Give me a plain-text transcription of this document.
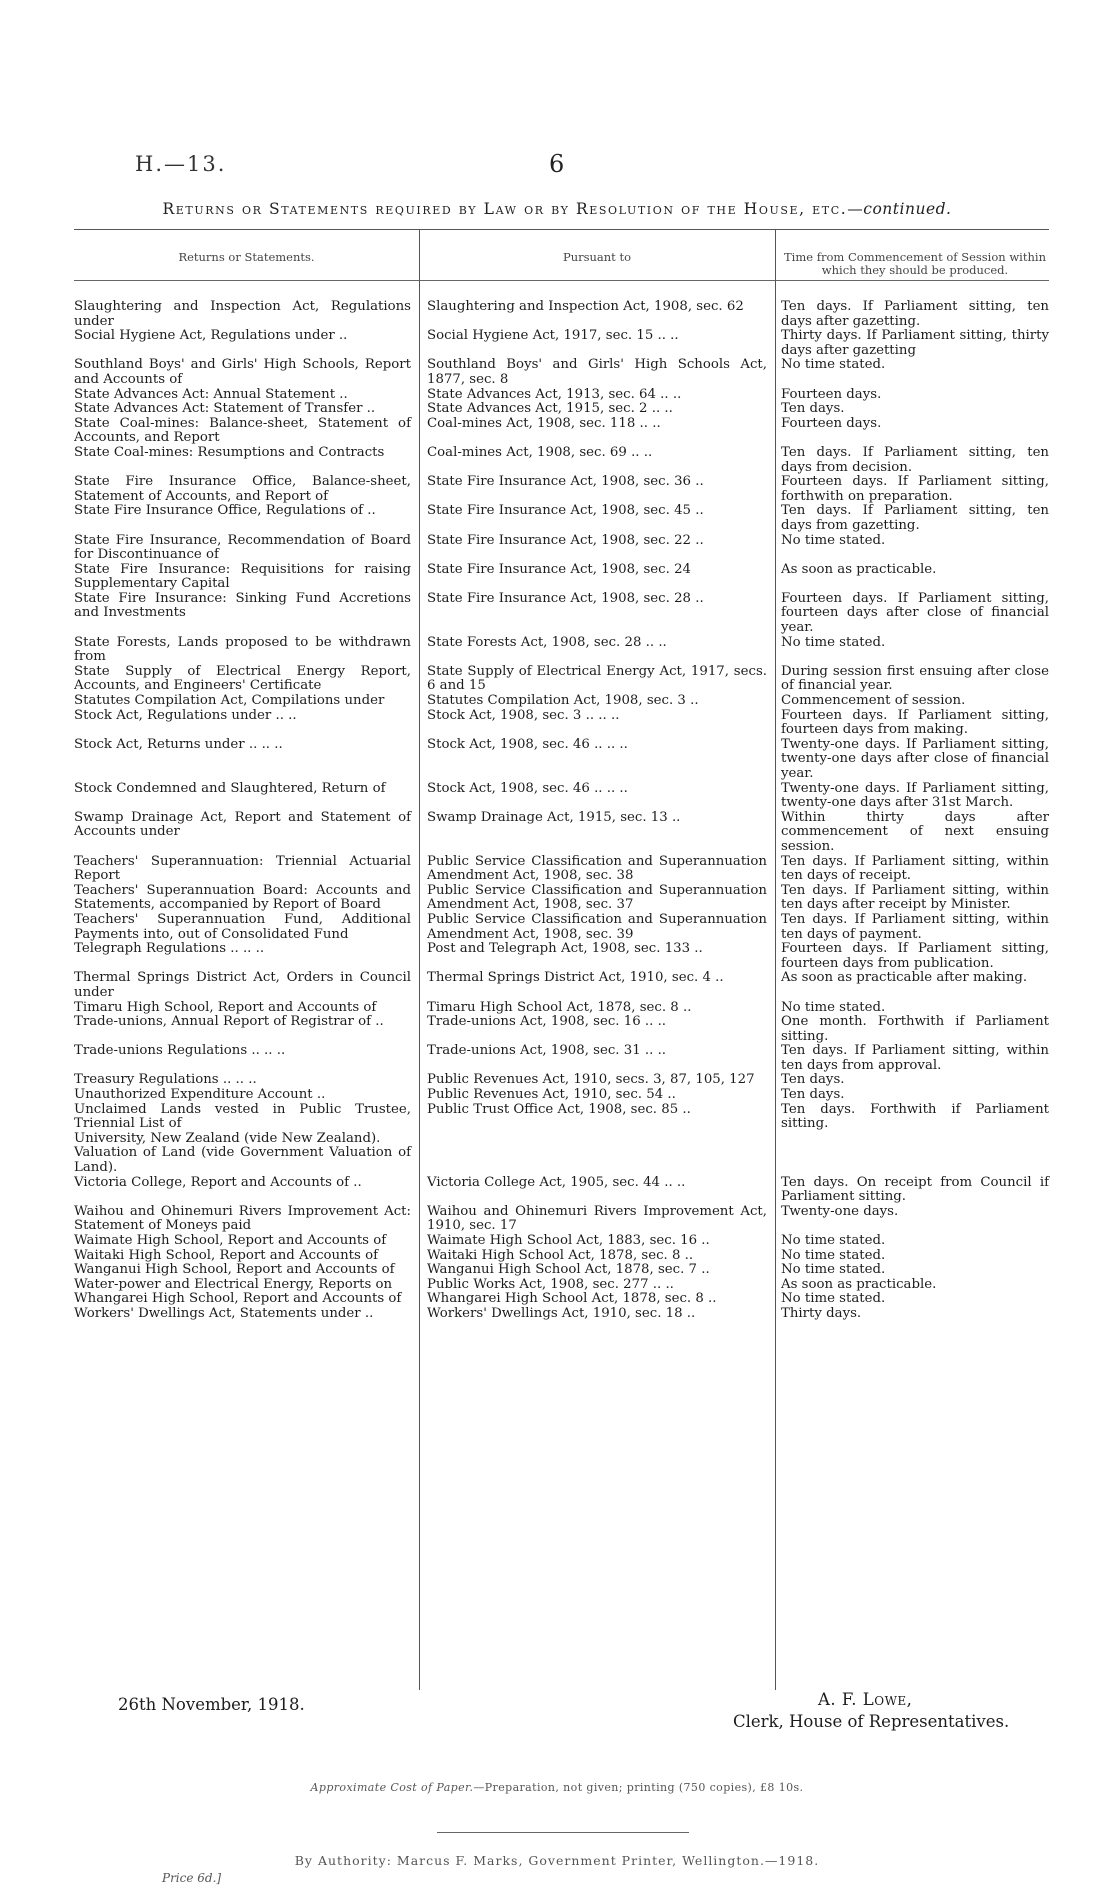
H.—13.	6
Returns or Statements required by Law or by Resolution of the House, etc.—continued.
Returns or Statements.	Pursuant to	Time from Commencement of Session within which they should be produced.
Slaughtering and Inspection Act, Regulations under	Slaughtering and Inspection Act, 1908, sec. 62	Ten days. If Parliament sitting, ten days after gazetting.
Social Hygiene Act, Regulations under ..	Social Hygiene Act, 1917, sec. 15 .. ..	Thirty days. If Parliament sitting, thirty days after gazetting
Southland Boys' and Girls' High Schools, Report and Accounts of	Southland Boys' and Girls' High Schools Act, 1877, sec. 8	No time stated.
State Advances Act: Annual Statement ..	State Advances Act, 1913, sec. 64 .. ..	Fourteen days.
State Advances Act: Statement of Transfer ..	State Advances Act, 1915, sec. 2 .. ..	Ten days.
State Coal-mines: Balance-sheet, Statement of Accounts, and Report	Coal-mines Act, 1908, sec. 118 .. ..	Fourteen days.
State Coal-mines: Resumptions and Contracts	Coal-mines Act, 1908, sec. 69 .. ..	Ten days. If Parliament sitting, ten days from decision.
State Fire Insurance Office, Balance-sheet, Statement of Accounts, and Report of	State Fire Insurance Act, 1908, sec. 36 ..	Fourteen days. If Parliament sitting, forthwith on preparation.
State Fire Insurance Office, Regulations of ..	State Fire Insurance Act, 1908, sec. 45 ..	Ten days. If Parliament sitting, ten days from gazetting.
State Fire Insurance, Recommendation of Board for Discontinuance of	State Fire Insurance Act, 1908, sec. 22 ..	No time stated.
State Fire Insurance: Requisitions for raising Supplementary Capital	State Fire Insurance Act, 1908, sec. 24	As soon as practicable.
State Fire Insurance: Sinking Fund Accretions and Investments	State Fire Insurance Act, 1908, sec. 28 ..	Fourteen days. If Parliament sitting, fourteen days after close of financial year.
State Forests, Lands proposed to be withdrawn from	State Forests Act, 1908, sec. 28 .. ..	No time stated.
State Supply of Electrical Energy Report, Accounts, and Engineers' Certificate	State Supply of Electrical Energy Act, 1917, secs. 6 and 15	During session first ensuing after close of financial year.
Statutes Compilation Act, Compilations under	Statutes Compilation Act, 1908, sec. 3 ..	Commencement of session.
Stock Act, Regulations under .. ..	Stock Act, 1908, sec. 3 .. .. ..	Fourteen days. If Parliament sitting, fourteen days from making.
Stock Act, Returns under .. .. ..	Stock Act, 1908, sec. 46 .. .. ..	Twenty-one days. If Parliament sitting, twenty-one days after close of financial year.
Stock Condemned and Slaughtered, Return of	Stock Act, 1908, sec. 46 .. .. ..	Twenty-one days. If Parliament sitting, twenty-one days after 31st March.
Swamp Drainage Act, Report and Statement of Accounts under	Swamp Drainage Act, 1915, sec. 13 ..	Within thirty days after commencement of next ensuing session.
Teachers' Superannuation: Triennial Actuarial Report	Public Service Classification and Superannuation Amendment Act, 1908, sec. 38	Ten days. If Parliament sitting, within ten days of receipt.
Teachers' Superannuation Board: Accounts and Statements, accompanied by Report of Board	Public Service Classification and Superannuation Amendment Act, 1908, sec. 37	Ten days. If Parliament sitting, within ten days after receipt by Minister.
Teachers' Superannuation Fund, Additional Payments into, out of Consolidated Fund	Public Service Classification and Superannuation Amendment Act, 1908, sec. 39	Ten days. If Parliament sitting, within ten days of payment.
Telegraph Regulations .. .. ..	Post and Telegraph Act, 1908, sec. 133 ..	Fourteen days. If Parliament sitting, fourteen days from publication.
Thermal Springs District Act, Orders in Council under	Thermal Springs District Act, 1910, sec. 4 ..	As soon as practicable after making.
Timaru High School, Report and Accounts of	Timaru High School Act, 1878, sec. 8 ..	No time stated.
Trade-unions, Annual Report of Registrar of ..	Trade-unions Act, 1908, sec. 16 .. ..	One month. Forthwith if Parliament sitting.
Trade-unions Regulations .. .. ..	Trade-unions Act, 1908, sec. 31 .. ..	Ten days. If Parliament sitting, within ten days from approval.
Treasury Regulations .. .. ..	Public Revenues Act, 1910, secs. 3, 87, 105, 127	Ten days.
Unauthorized Expenditure Account ..	Public Revenues Act, 1910, sec. 54 ..	Ten days.
Unclaimed Lands vested in Public Trustee, Triennial List of	Public Trust Office Act, 1908, sec. 85 ..	Ten days. Forthwith if Parliament sitting.
University, New Zealand (vide New Zealand).		
Valuation of Land (vide Government Valuation of Land).		
Victoria College, Report and Accounts of ..	Victoria College Act, 1905, sec. 44 .. ..	Ten days. On receipt from Council if Parliament sitting.
Waihou and Ohinemuri Rivers Improvement Act: Statement of Moneys paid	Waihou and Ohinemuri Rivers Improvement Act, 1910, sec. 17	Twenty-one days.
Waimate High School, Report and Accounts of	Waimate High School Act, 1883, sec. 16 ..	No time stated.
Waitaki High School, Report and Accounts of	Waitaki High School Act, 1878, sec. 8 ..	No time stated.
Wanganui High School, Report and Accounts of	Wanganui High School Act, 1878, sec. 7 ..	No time stated.
Water-power and Electrical Energy, Reports on	Public Works Act, 1908, sec. 277 .. ..	As soon as practicable.
Whangarei High School, Report and Accounts of	Whangarei High School Act, 1878, sec. 8 ..	No time stated.
Workers' Dwellings Act, Statements under ..	Workers' Dwellings Act, 1910, sec. 18 ..	Thirty days.
26th November, 1918.	A. F. Lowe,
Clerk, House of Representatives.
Approximate Cost of Paper.—Preparation, not given; printing (750 copies), £8 10s.
By Authority: Marcus F. Marks, Government Printer, Wellington.—1918.
Price 6d.]
